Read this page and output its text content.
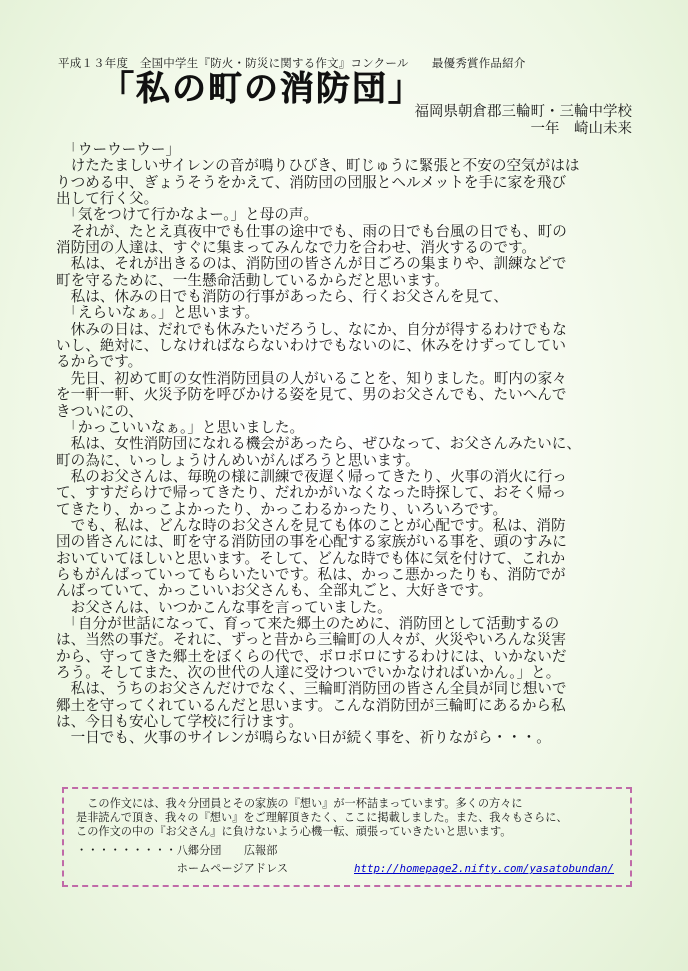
平成１３年度　全国中学生『防火・防災に関する作文』コンクール　　最優秀賞作品紹介
「私の町の消防団」
福岡県朝倉郡三輪町・三輪中学校
一年　崎山未来
　「ウーウーウー」
　けたたましいサイレンの音が鳴りひびき、町じゅうに緊張と不安の空気がはは
りつめる中、ぎょうそうをかえて、消防団の団服とヘルメットを手に家を飛び
出して行く父。
　「気をつけて行かなよー。」と母の声。
　それが、たとえ真夜中でも仕事の途中でも、雨の日でも台風の日でも、町の
消防団の人達は、すぐに集まってみんなで力を合わせ、消火するのです。
　私は、それが出きるのは、消防団の皆さんが日ごろの集まりや、訓練などで
町を守るために、一生懸命活動しているからだと思います。
　私は、休みの日でも消防の行事があったら、行くお父さんを見て、
　「えらいなぁ。」と思います。
　休みの日は、だれでも休みたいだろうし、なにか、自分が得するわけでもな
いし、絶対に、しなければならないわけでもないのに、休みをけずってしてい
るからです。
　先日、初めて町の女性消防団員の人がいることを、知りました。町内の家々
を一軒一軒、火災予防を呼びかける姿を見て、男のお父さんでも、たいへんで
きついにの、
　「かっこいいなぁ。」と思いました。
　私は、女性消防団になれる機会があったら、ぜひなって、お父さんみたいに、
町の為に、いっしょうけんめいがんばろうと思います。
　私のお父さんは、毎晩の様に訓練で夜遅く帰ってきたり、火事の消火に行っ
て、すすだらけで帰ってきたり、だれかがいなくなった時探して、おそく帰っ
てきたり、かっこよかったり、かっこわるかったり、いろいろです。
　でも、私は、どんな時のお父さんを見ても体のことが心配です。私は、消防
団の皆さんには、町を守る消防団の事を心配する家族がいる事を、頭のすみに
おいていてほしいと思います。そして、どんな時でも体に気を付けて、これか
らもがんばっていってもらいたいです。私は、かっこ悪かったりも、消防でが
んばっていて、かっこいいお父さんも、全部丸ごと、大好きです。
　お父さんは、いつかこんな事を言っていました。
　「自分が世話になって、育って来た郷土のために、消防団として活動するの
は、当然の事だ。それに、ずっと昔から三輪町の人々が、火災やいろんな災害
から、守ってきた郷土をぼくらの代で、ボロボロにするわけには、いかないだ
ろう。そしてまた、次の世代の人達に受けついでいかなければいかん。」と。
　私は、うちのお父さんだけでなく、三輪町消防団の皆さん全員が同じ想いで
郷土を守ってくれているんだと思います。こんな消防団が三輪町にあるから私
は、今日も安心して学校に行けます。
　一日でも、火事のサイレンが鳴らない日が続く事を、祈りながら・・・。
　この作文には、我々分団員とその家族の『想い』が一杯詰まっています。多くの方々に
是非読んで頂き、我々の『想い』をご理解頂きたく、ここに掲載しました。また、我々もさらに、
この作文の中の『お父さん』に負けないよう心機一転、頑張っていきたいと思います。
・・・・・・・・・八郷分団　　広報部
　　　　　　　　　ホームページアドレス	http://homepage2.nifty.com/yasatobundan/
